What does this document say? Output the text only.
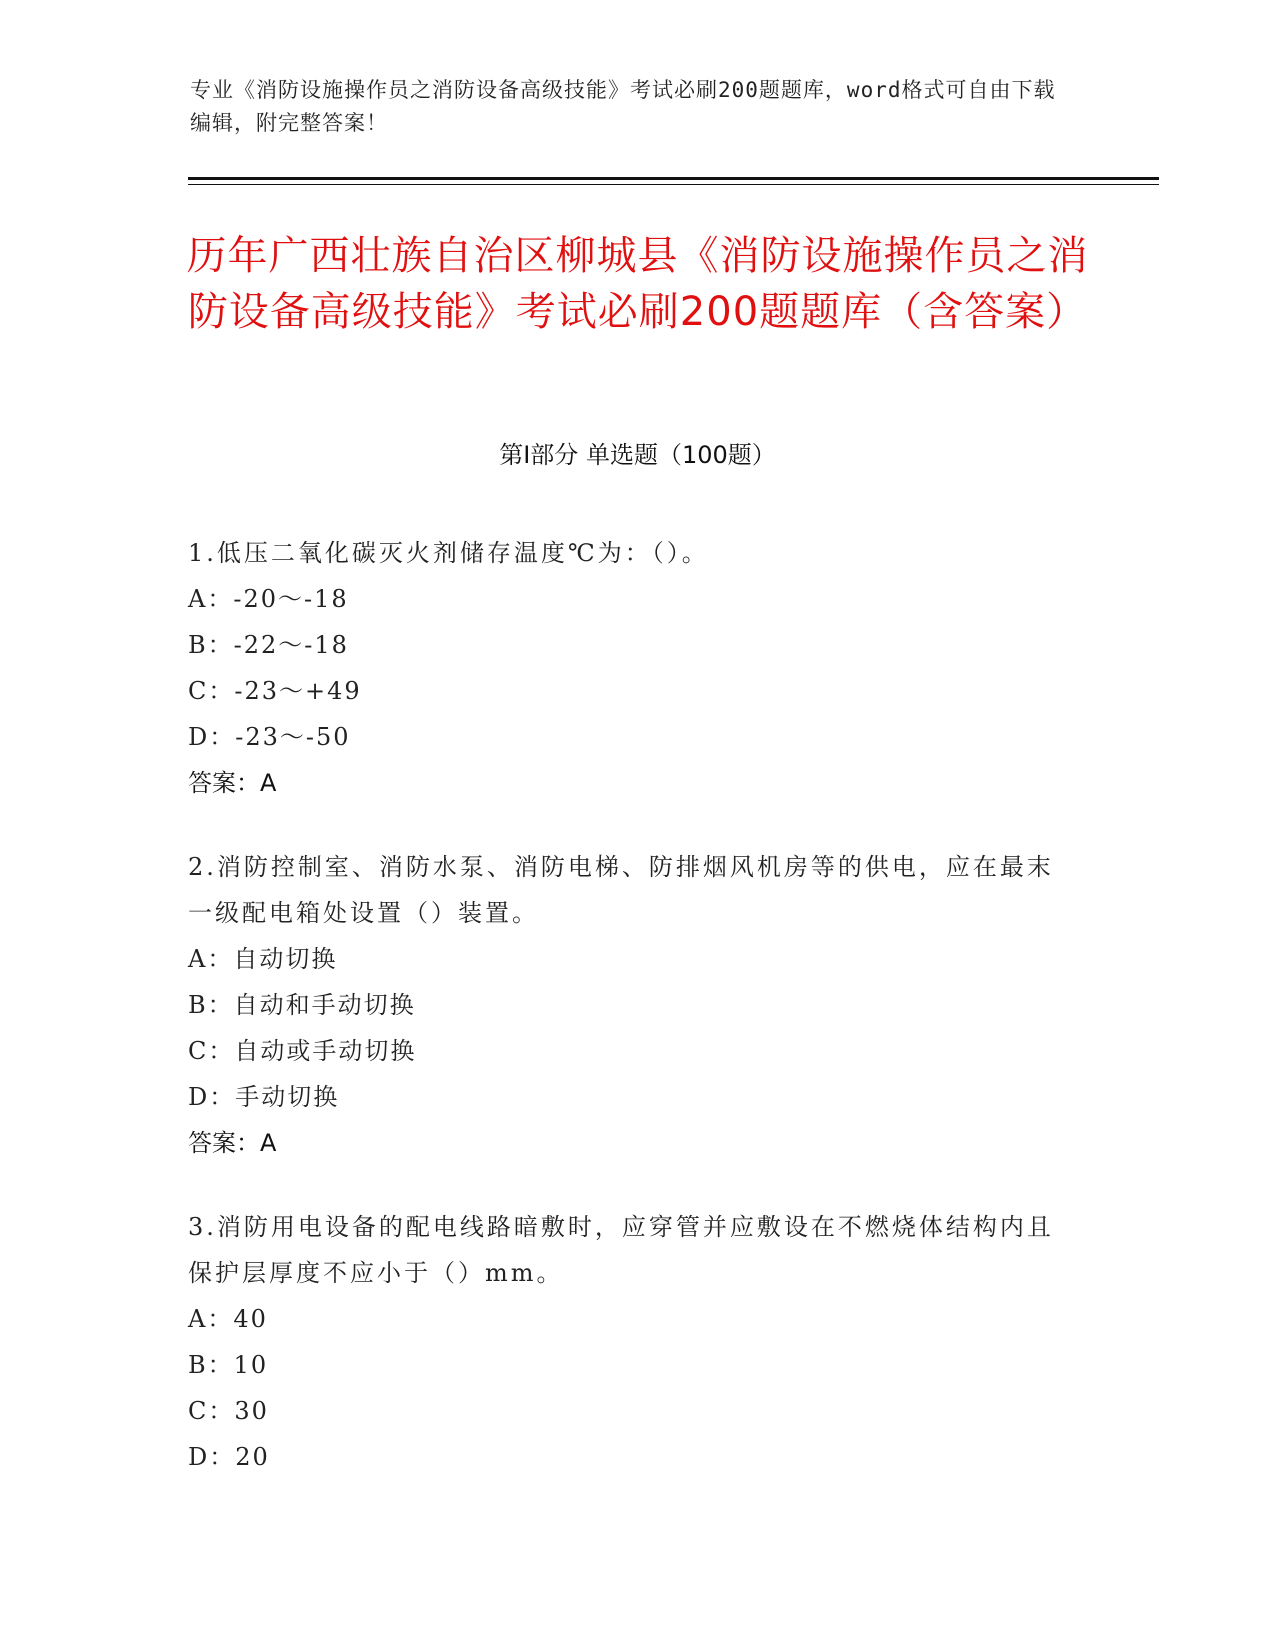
专业《消防设施操作员之消防设备高级技能》考试必刷200题题库，word格式可自由下载编辑，附完整答案！
历年广西壮族自治区柳城县《消防设施操作员之消防设备高级技能》考试必刷200题题库（含答案）
第Ⅰ部分 单选题（100题）
1.低压二氧化碳灭火剂储存温度℃为：（）。
A：-20～-18
B：-22～-18
C：-23～+49
D：-23～-50
答案：A
2.消防控制室、消防水泵、消防电梯、防排烟风机房等的供电，应在最末一级配电箱处设置（）装置。
A：自动切换
B：自动和手动切换
C：自动或手动切换
D：手动切换
答案：A
3.消防用电设备的配电线路暗敷时，应穿管并应敷设在不燃烧体结构内且保护层厚度不应小于（）mm。
A：40
B：10
C：30
D：20
